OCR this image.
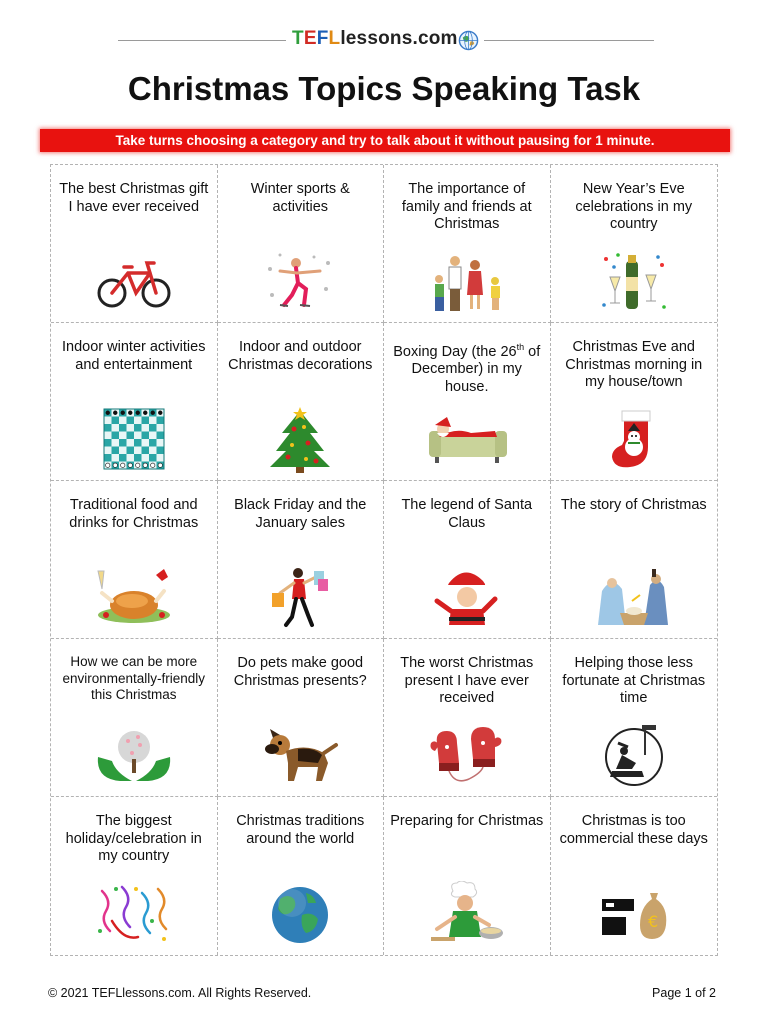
TEFLlessons.com
Christmas Topics Speaking Task
Take turns choosing a category and try to talk about it without pausing for 1 minute.
The best Christmas gift I have ever received
Winter sports & activities
The importance of family and friends at Christmas
New Year’s Eve celebrations in my country
Indoor winter activities and entertainment
Indoor and outdoor Christmas decorations
Boxing Day (the 26th of December) in my house.
Christmas Eve and Christmas morning in my house/town
Traditional food and drinks for Christmas
Black Friday and the January sales
The legend of Santa Claus
The story of Christmas
How we can be more environmentally-friendly this Christmas
Do pets make good Christmas presents?
The worst Christmas present I have ever received
Helping those less fortunate at Christmas time
The biggest holiday/celebration in my country
Christmas traditions around the world
Preparing for Christmas	Christmas is too commercial these days
€
© 2021 TEFLlessons.com. All Rights Reserved.	Page 1 of 2
